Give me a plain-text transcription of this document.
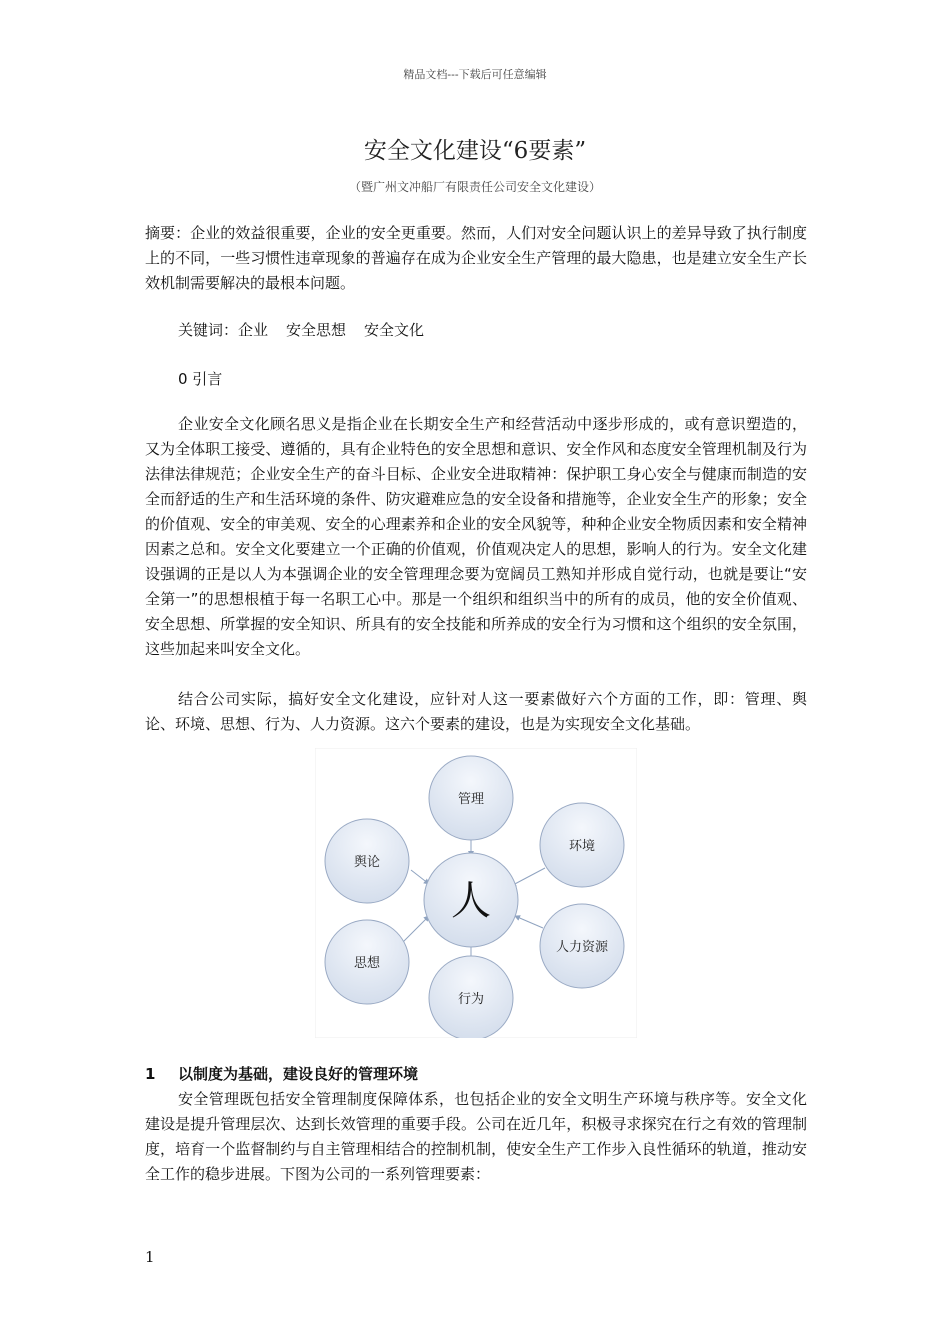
精品文档---下载后可任意编辑
安全文化建设“6要素”
（暨广州文冲船厂有限责任公司安全文化建设）

摘要：企业的效益很重要，企业的安全更重要。然而，人们对安全问题认识上的差异导致了执行制度上的不同，一些习惯性违章现象的普遍存在成为企业安全生产管理的最大隐患，也是建立安全生产长效机制需要解决的最根本问题。

关键词：企业 安全思想 安全文化

0 引言

企业安全文化顾名思义是指企业在长期安全生产和经营活动中逐步形成的，或有意识塑造的，又为全体职工接受、遵循的，具有企业特色的安全思想和意识、安全作风和态度安全管理机制及行为法律法律规范；企业安全生产的奋斗目标、企业安全进取精神：保护职工身心安全与健康而制造的安全而舒适的生产和生活环境的条件、防灾避难应急的安全设备和措施等，企业安全生产的形象；安全的价值观、安全的审美观、安全的心理素养和企业的安全风貌等，种种企业安全物质因素和安全精神因素之总和。安全文化要建立一个正确的价值观，价值观决定人的思想，影响人的行为。安全文化建设强调的正是以人为本强调企业的安全管理理念要为宽阔员工熟知并形成自觉行动，也就是要让“安全第一”的思想根植于每一名职工心中。那是一个组织和组织当中的所有的成员，他的安全价值观、安全思想、所掌握的安全知识、所具有的安全技能和所养成的安全行为习惯和这个组织的安全氛围，这些加起来叫安全文化。

结合公司实际，搞好安全文化建设，应针对人这一要素做好六个方面的工作，即：管理、舆论、环境、思想、行为、人力资源。这六个要素的建设，也是为实现安全文化基础。

人
管理
环境
人力资源
行为
思想
舆论

1 以制度为基础，建设良好的管理环境

安全管理既包括安全管理制度保障体系，也包括企业的安全文明生产环境与秩序等。安全文化建设是提升管理层次、达到长效管理的重要手段。公司在近几年，积极寻求探究在行之有效的管理制度，培育一个监督制约与自主管理相结合的控制机制，使安全生产工作步入良性循环的轨道，推动安全工作的稳步进展。下图为公司的一系列管理要素：

1
